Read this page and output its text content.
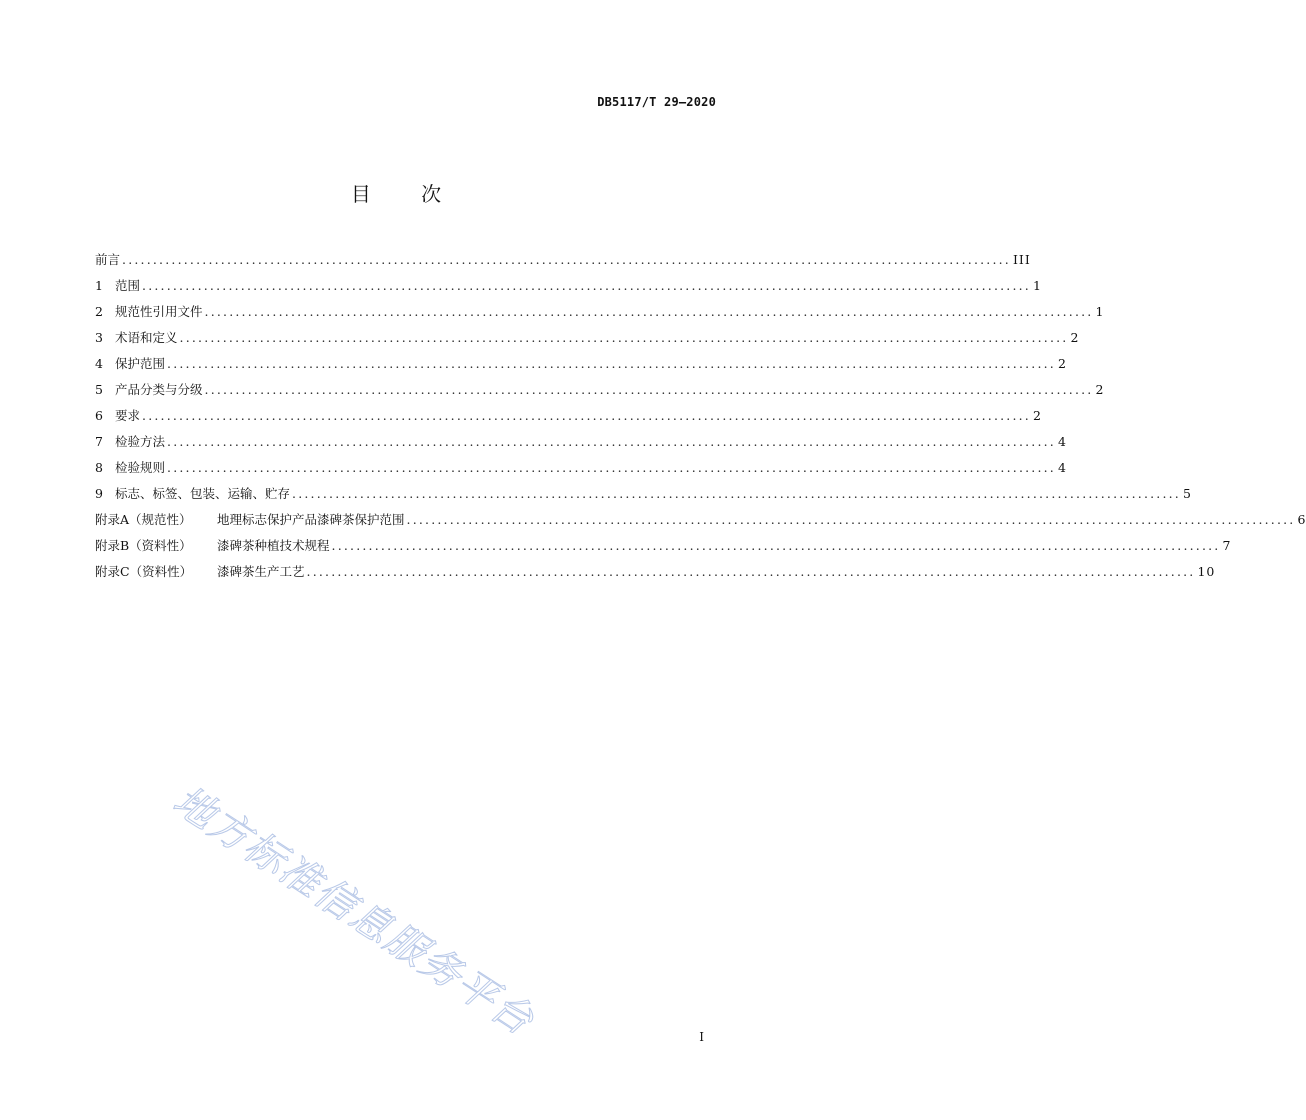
DB5117/T 29—2020
目 次
前言 ................................................................................................................................................ III
1 范围 ................................................................................................................................................ 1
2 规范性引用文件 ................................................................................................................................................ 1
3 术语和定义 ................................................................................................................................................ 2
4 保护范围 ................................................................................................................................................ 2
5 产品分类与分级 ................................................................................................................................................ 2
6 要求 ................................................................................................................................................ 2
7 检验方法 ................................................................................................................................................ 4
8 检验规则 ................................................................................................................................................ 4
9 标志、标签、包装、运输、贮存 ................................................................................................................................................ 5
附录A（规范性） 地理标志保护产品漆碑茶保护范围 ................................................................................................................................................ 6
附录B（资料性） 漆碑茶种植技术规程 ................................................................................................................................................ 7
附录C（资料性） 漆碑茶生产工艺 ................................................................................................................................................ 10
地方标准信息服务平台	I
